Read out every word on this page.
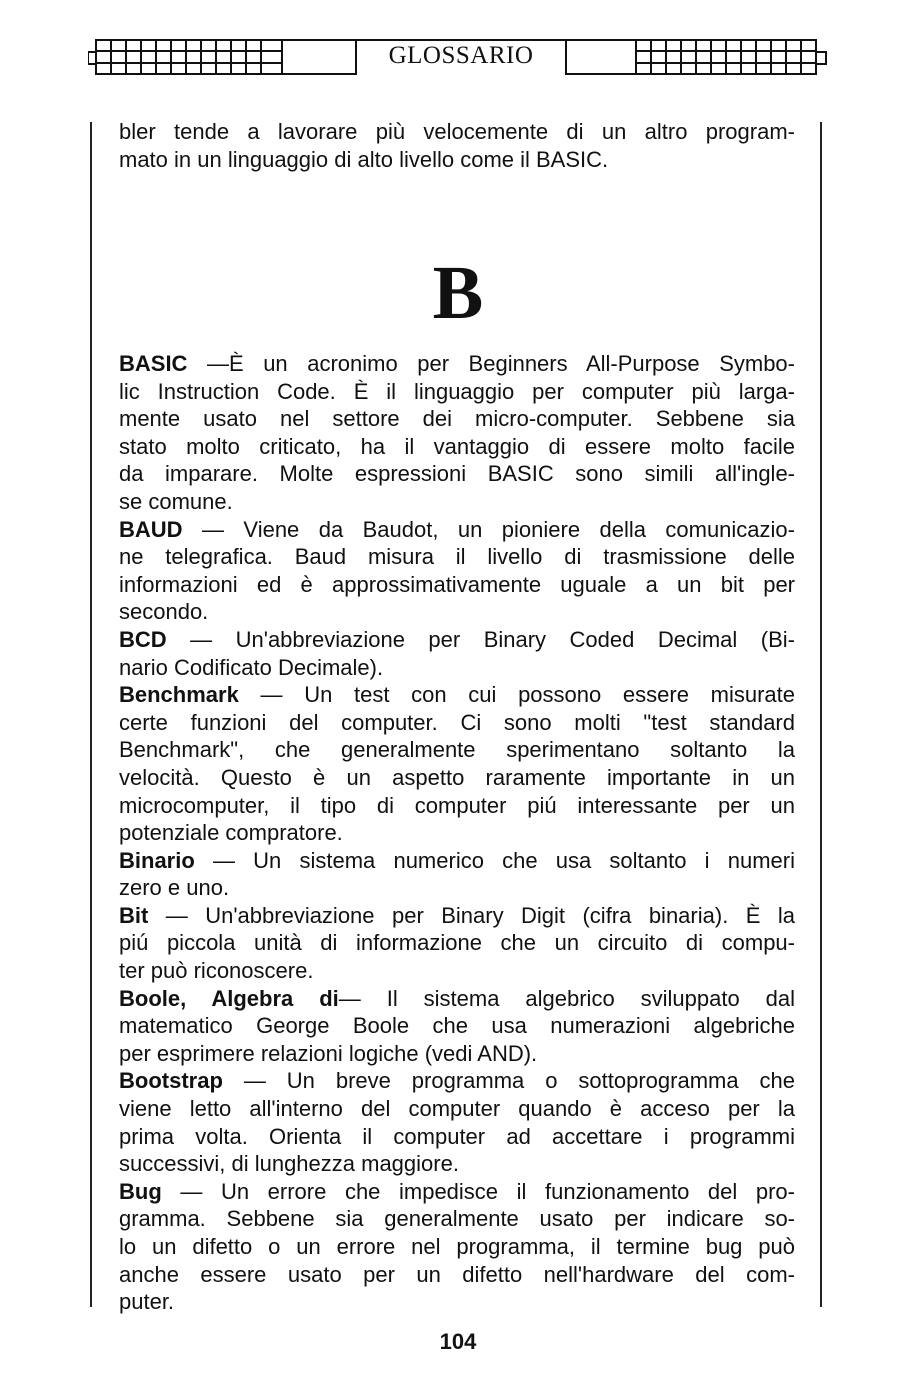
GLOSSARIO
bler tende a lavorare più velocemente di un altro program-
mato in un linguaggio di alto livello come il BASIC.
B
BASIC —È un acronimo per Beginners All-Purpose Symbo-
lic Instruction Code. È il linguaggio per computer più larga-
mente usato nel settore dei micro-computer. Sebbene sia
stato molto criticato, ha il vantaggio di essere molto facile
da imparare. Molte espressioni BASIC sono simili all'ingle-
se comune.
BAUD — Viene da Baudot, un pioniere della comunicazio-
ne telegrafica. Baud misura il livello di trasmissione delle
informazioni ed è approssimativamente uguale a un bit per
secondo.
BCD — Un'abbreviazione per Binary Coded Decimal (Bi-
nario Codificato Decimale).
Benchmark — Un test con cui possono essere misurate
certe funzioni del computer. Ci sono molti "test standard
Benchmark", che generalmente sperimentano soltanto la
velocità. Questo è un aspetto raramente importante in un
microcomputer, il tipo di computer piú interessante per un
potenziale compratore.
Binario — Un sistema numerico che usa soltanto i numeri
zero e uno.
Bit — Un'abbreviazione per Binary Digit (cifra binaria). È la
piú piccola unità di informazione che un circuito di compu-
ter può riconoscere.
Boole, Algebra di— Il sistema algebrico sviluppato dal
matematico George Boole che usa numerazioni algebriche
per esprimere relazioni logiche (vedi AND).
Bootstrap — Un breve programma o sottoprogramma che
viene letto all'interno del computer quando è acceso per la
prima volta. Orienta il computer ad accettare i programmi
successivi, di lunghezza maggiore.
Bug — Un errore che impedisce il funzionamento del pro-
gramma. Sebbene sia generalmente usato per indicare so-
lo un difetto o un errore nel programma, il termine bug può
anche essere usato per un difetto nell'hardware del com-
puter.
104
